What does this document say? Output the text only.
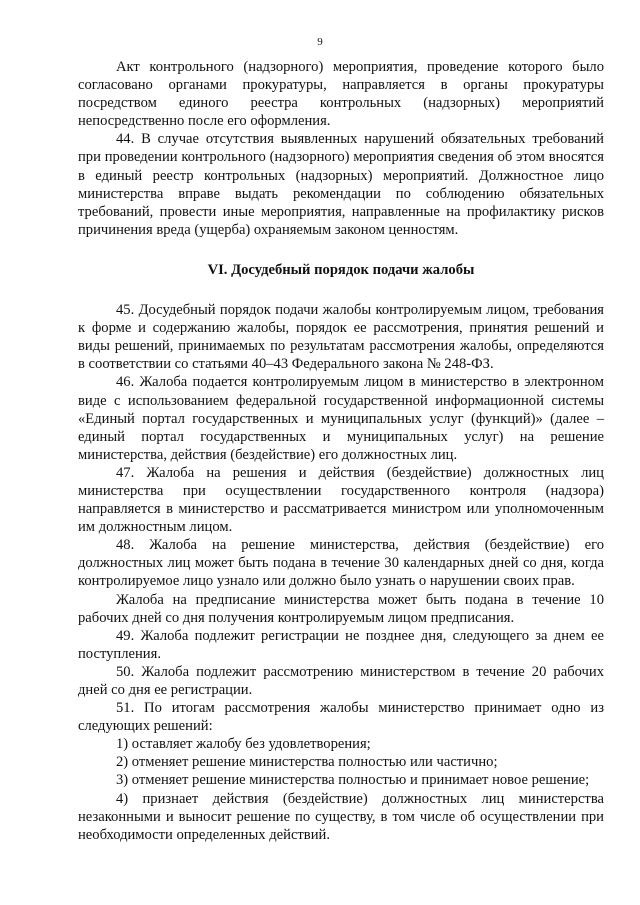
9

Акт контрольного (надзорного) мероприятия, проведение которого было согласовано органами прокуратуры, направляется в органы прокуратуры посредством единого реестра контрольных (надзорных) мероприятий непосредственно после его оформления.

44. В случае отсутствия выявленных нарушений обязательных требований при проведении контрольного (надзорного) мероприятия сведения об этом вносятся в единый реестр контрольных (надзорных) мероприятий. Должностное лицо министерства вправе выдать рекомендации по соблюдению обязательных требований, провести иные мероприятия, направленные на профилактику рисков причинения вреда (ущерба) охраняемым законом ценностям.

VI. Досудебный порядок подачи жалобы

45. Досудебный порядок подачи жалобы контролируемым лицом, требования к форме и содержанию жалобы, порядок ее рассмотрения, принятия решений и виды решений, принимаемых по результатам рассмотрения жалобы, определяются в соответствии со статьями 40–43 Федерального закона № 248-ФЗ.

46. Жалоба подается контролируемым лицом в министерство в электронном виде с использованием федеральной государственной информационной системы «Единый портал государственных и муниципальных услуг (функций)» (далее – единый портал государственных и муниципальных услуг) на решение министерства, действия (бездействие) его должностных лиц.

47. Жалоба на решения и действия (бездействие) должностных лиц министерства при осуществлении государственного контроля (надзора) направляется в министерство и рассматривается министром или уполномоченным им должностным лицом.

48. Жалоба на решение министерства, действия (бездействие) его должностных лиц может быть подана в течение 30 календарных дней со дня, когда контролируемое лицо узнало или должно было узнать о нарушении своих прав.

Жалоба на предписание министерства может быть подана в течение 10 рабочих дней со дня получения контролируемым лицом предписания.

49. Жалоба подлежит регистрации не позднее дня, следующего за днем ее поступления.

50. Жалоба подлежит рассмотрению министерством в течение 20 рабочих дней со дня ее регистрации.

51. По итогам рассмотрения жалобы министерство принимает одно из следующих решений:

1) оставляет жалобу без удовлетворения;

2) отменяет решение министерства полностью или частично;

3) отменяет решение министерства полностью и принимает новое решение;

4) признает действия (бездействие) должностных лиц министерства незаконными и выносит решение по существу, в том числе об осуществлении при необходимости определенных действий.
